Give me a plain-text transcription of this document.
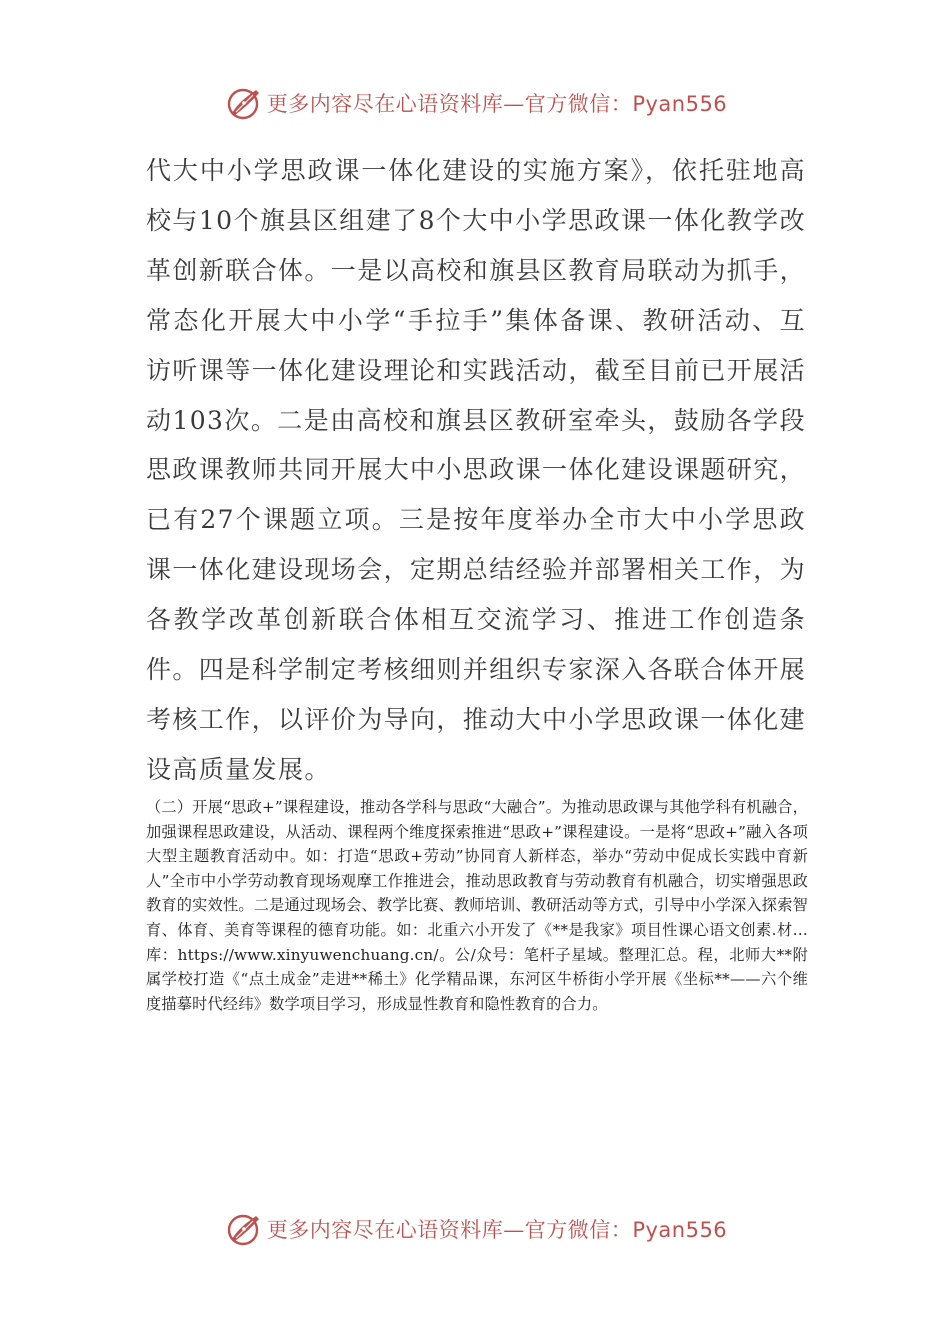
更多内容尽在心语资料库—官方微信：Pyan556

代大中小学思政课一体化建设的实施方案》，依托驻地高校与10个旗县区组建了8个大中小学思政课一体化教学改革创新联合体。一是以高校和旗县区教育局联动为抓手，常态化开展大中小学“手拉手”集体备课、教研活动、互访听课等一体化建设理论和实践活动，截至目前已开展活动103次。二是由高校和旗县区教研室牵头，鼓励各学段思政课教师共同开展大中小思政课一体化建设课题研究，已有27个课题立项。三是按年度举办全市大中小学思政课一体化建设现场会，定期总结经验并部署相关工作，为各教学改革创新联合体相互交流学习、推进工作创造条件。四是科学制定考核细则并组织专家深入各联合体开展考核工作，以评价为导向，推动大中小学思政课一体化建设高质量发展。

（二）开展“思政+”课程建设，推动各学科与思政“大融合”。为推动思政课与其他学科有机融合，加强课程思政建设，从活动、课程两个维度探索推进“思政+”课程建设。一是将“思政+”融入各项大型主题教育活动中。如：打造“思政+劳动”协同育人新样态，举办“劳动中促成长实践中育新人”全市中小学劳动教育现场观摩工作推进会，推动思政教育与劳动教育有机融合，切实增强思政教育的实效性。二是通过现场会、教学比赛、教师培训、教研活动等方式，引导中小学深入探索智育、体育、美育等课程的德育功能。如：北重六小开发了《**是我家》项目性课心语文创素.材…库：https://www.xinyuwenchuang.cn/。公/众号：笔杆子星域。整理汇总。程，北师大**附属学校打造《“点土成金”走进**稀土》化学精品课，东河区牛桥街小学开展《坐标**——六个维度描摹时代经纬》数学项目学习，形成显性教育和隐性教育的合力。

更多内容尽在心语资料库—官方微信：Pyan556
